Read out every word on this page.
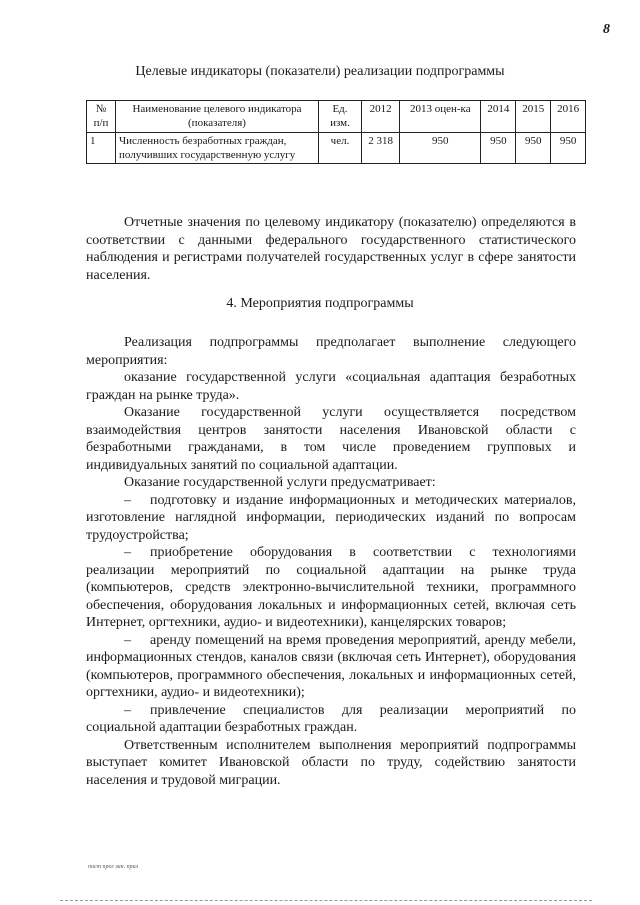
8
Целевые индикаторы (показатели) реализации подпрограммы
№ п/п	Наименование целевого индикатора (показателя)	Ед. изм.	2012	2013 оцен-ка	2014	2015	2016
1	Численность безработных граждан, получивших государственную услугу	чел.	2 318	950	950	950	950

Отчетные значения по целевому индикатору (показателю) определяются в соответствии с данными федерального государственного статистического наблюдения и регистрами получателей государственных услуг в сфере занятости населения.

4. Мероприятия подпрограммы

Реализация подпрограммы предполагает выполнение следующего мероприятия:

оказание государственной услуги «социальная адаптация безработных граждан на рынке труда».

Оказание государственной услуги осуществляется посредством взаимодействия центров занятости населения Ивановской области с безработными гражданами, в том числе проведением групповых и индивидуальных занятий по социальной адаптации.

Оказание государственной услуги предусматривает:

– подготовку и издание информационных и методических материалов, изготовление наглядной информации, периодических изданий по вопросам трудоустройства;

– приобретение оборудования в соответствии с технологиями реализации мероприятий по социальной адаптации на рынке труда (компьютеров, средств электронно-вычислительной техники, программного обеспечения, оборудования локальных и информационных сетей, включая сеть Интернет, оргтехники, аудио- и видеотехники), канцелярских товаров;

– аренду помещений на время проведения мероприятий, аренду мебели, информационных стендов, каналов связи (включая сеть Интернет), оборудования (компьютеров, программного обеспечения, локальных и информационных сетей, оргтехники, аудио- и видеотехники);

– привлечение специалистов для реализации мероприятий по социальной адаптации безработных граждан.

Ответственным исполнителем выполнения мероприятий подпрограммы выступает комитет Ивановской области по труду, содействию занятости населения и трудовой миграции.

пост прог зан. прил
